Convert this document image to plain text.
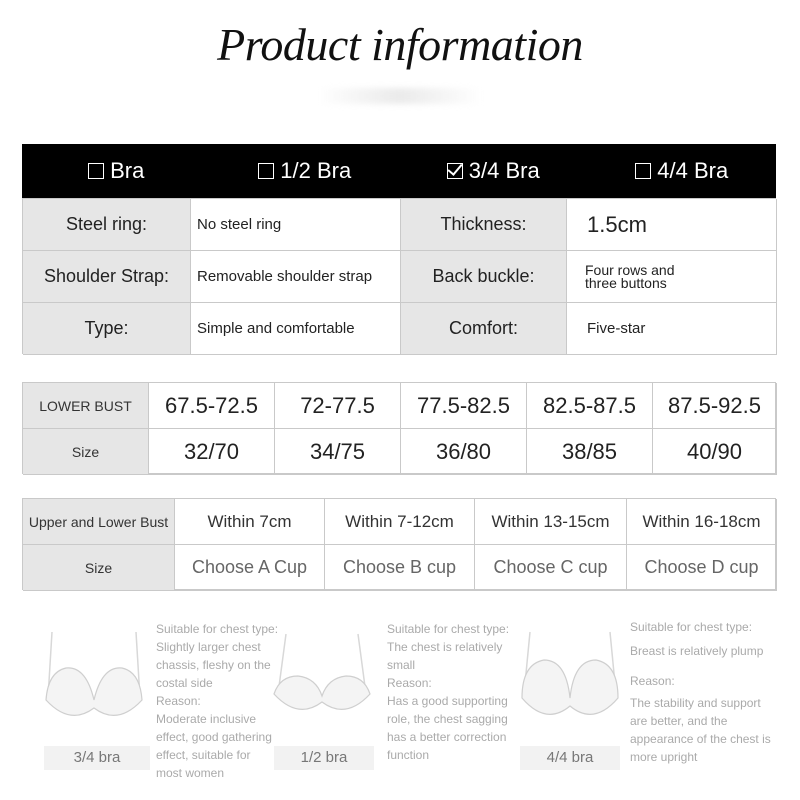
Product information
Bra	1/2 Bra	3/4 Bra	4/4 Bra
Steel ring:	No steel ring	Thickness:	1.5cm
Shoulder Strap:	Removable shoulder strap	Back buckle:	Four rows and
three buttons
Type:	Simple and comfortable	Comfort:	Five-star
LOWER BUST	67.5-72.5	72-77.5	77.5-82.5	82.5-87.5	87.5-92.5
Size	32/70	34/75	36/80	38/85	40/90
Upper and Lower Bust	Within 7cm	Within 7-12cm	Within 13-15cm	Within 16-18cm
Size	Choose A Cup	Choose B cup	Choose C cup	Choose D cup
3/4 bra	1/2 bra	4/4 bra
Suitable for chest type:
Slightly larger chest
chassis, fleshy on the
costal side
Reason:
Moderate inclusive
effect, good gathering
effect, suitable for
most women
Suitable for chest type:
The chest is relatively
small
Reason:
Has a good supporting
role, the chest sagging
has a better correction
function
Suitable for chest type:
Breast is relatively plump
Reason:
The stability and support
are better, and the
appearance of the chest is
more upright
